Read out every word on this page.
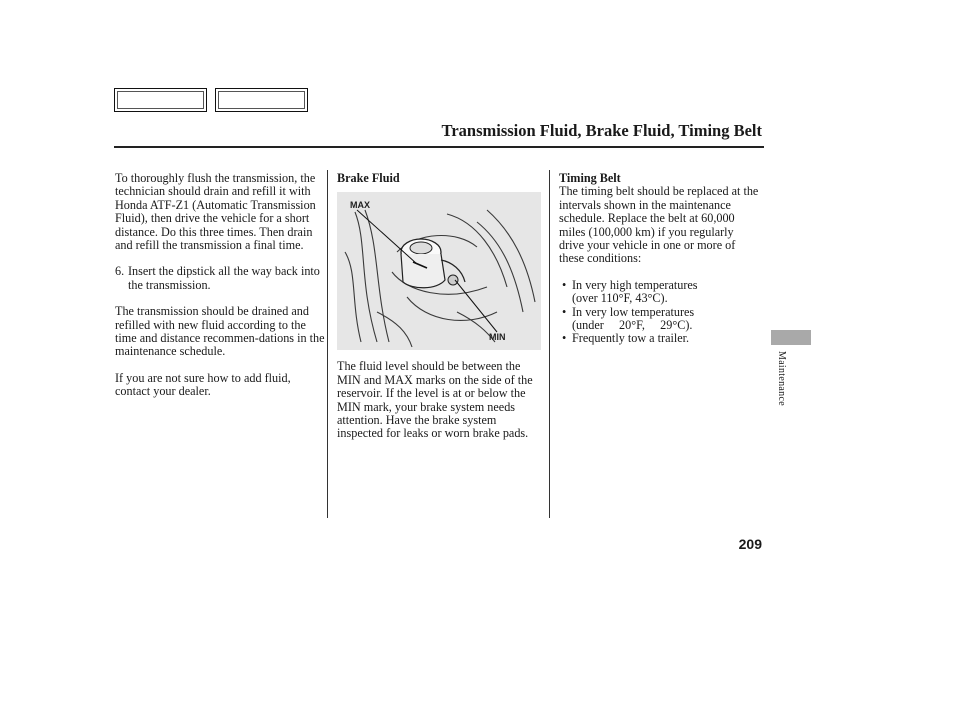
Transmission Fluid, Brake Fluid, Timing Belt

To thoroughly flush the transmission, the technician should drain and refill it with Honda ATF-Z1 (Automatic Transmission Fluid), then drive the vehicle for a short distance. Do this three times. Then drain and refill the transmission a final time.

6. Insert the dipstick all the way back into the transmission.

The transmission should be drained and refilled with new fluid according to the time and distance recommen-dations in the maintenance schedule.

If you are not sure how to add fluid, contact your dealer.

Brake Fluid

MAX
MIN

The fluid level should be between the MIN and MAX marks on the side of the reservoir. If the level is at or below the MIN mark, your brake system needs attention. Have the brake system inspected for leaks or worn brake pads.

Timing Belt

The timing belt should be replaced at the intervals shown in the maintenance schedule. Replace the belt at 60,000 miles (100,000 km) if you regularly drive your vehicle in one or more of these conditions:

• In very high temperatures
(over 110°F, 43°C).
• In very low temperatures
(under     20°F,     29°C).
• Frequently tow a trailer.
Maintenance
209
